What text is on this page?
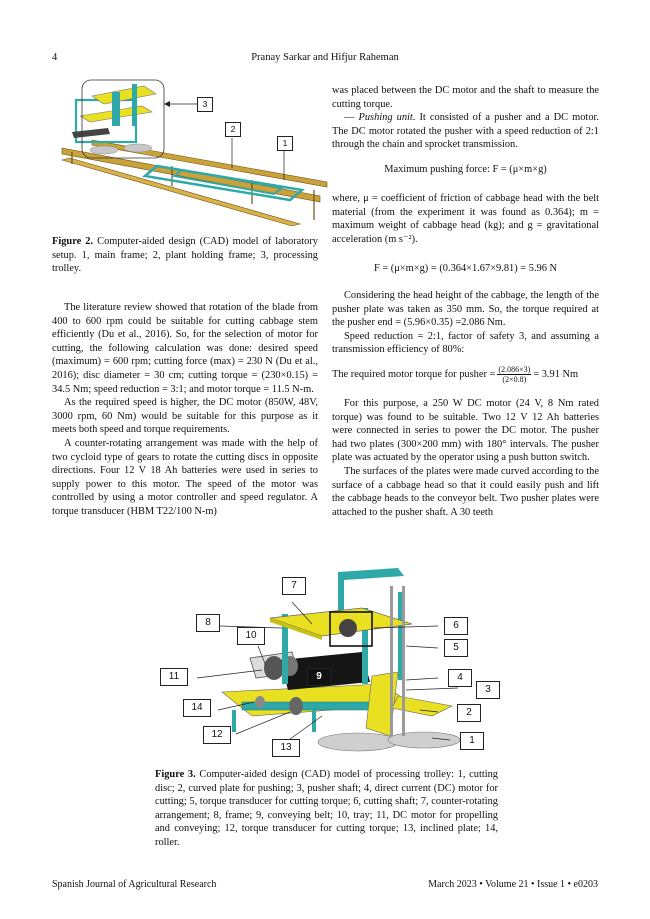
4	Pranay Sarkar and Hifjur Raheman
3
2
1
Figure 2. Computer-aided design (CAD) model of laboratory setup. 1, main frame; 2, plant holding frame; 3, processing trolley.

The literature review showed that rotation of the blade from 400 to 600 rpm could be suitable for cutting cabbage stem efficiently (Du et al., 2016). So, for the selection of motor for cutting, the following calculation was done: desired speed (maximum) = 600 rpm; cutting force (max) = 230 N (Du et al., 2016); disc diameter = 30 cm; cutting torque = (230×0.15) = 34.5 Nm; speed reduction = 3:1; and motor torque = 11.5 N-m.

As the required speed is higher, the DC motor (850W, 48V, 3000 rpm, 60 Nm) would be suitable for this purpose as it meets both speed and torque requirements.

A counter-rotating arrangement was made with the help of two cycloid type of gears to rotate the cutting discs in opposite directions. Four 12 V 18 Ah batteries were used in series to supply power to this motor. The speed of the motor was controlled by using a motor controller and speed regulator. A torque transducer (HBM T22/100 N-m)

was placed between the DC motor and the shaft to measure the cutting torque.

— Pushing unit. It consisted of a pusher and a DC motor. The DC motor rotated the pusher with a speed reduction of 2:1 through the chain and sprocket transmission.

Maximum pushing force: F = (μ×m×g)

where, μ = coefficient of friction of cabbage head with the belt material (from the experiment it was found as 0.364); m = maximum weight of cabbage head (kg); and g = gravitational acceleration (m s⁻²).

F = (μ×m×g) = (0.364×1.67×9.81) = 5.96 N

Considering the head height of the cabbage, the length of the pusher plate was taken as 350 mm. So, the torque required at the pusher end = (5.96×0.35) =2.086 Nm.

Speed reduction = 2:1, factor of safety 3, and assuming a transmission efficiency of 80%:

The required motor torque for pusher = $\frac{(2.086\times 3)}{(2\times 0.8)} = 3.91$ Nm

For this purpose, a 250 W DC motor (24 V, 8 Nm rated torque) was found to be suitable. Two 12 V 12 Ah batteries were connected in series to power the DC motor. The pusher had two plates (300×200 mm) with 180° intervals. The pusher plate was actuated by the operator using a push button switch.

The surfaces of the plates were made curved according to the surface of a cabbage head so that it could easily push and lift the cabbage heads to the conveyor belt. Two pusher plates were attached to the pusher shaft. A 30 teeth

7
8
10
6
5
11	9	4
3
14	2
12
1
13
Figure 3. Computer-aided design (CAD) model of processing trolley: 1, cutting disc; 2, curved plate for pushing; 3, pusher shaft; 4, direct current (DC) motor for cutting; 5, torque transducer for cutting torque; 6, cutting shaft; 7, counter-rotating arrangement; 8, frame; 9, conveying belt; 10, tray; 11, DC motor for propelling and conveying; 12, torque transducer for cutting torque; 13, inclined plate; 14, roller.
Spanish Journal of Agricultural Research	March 2023 • Volume 21 • Issue 1 • e0203
